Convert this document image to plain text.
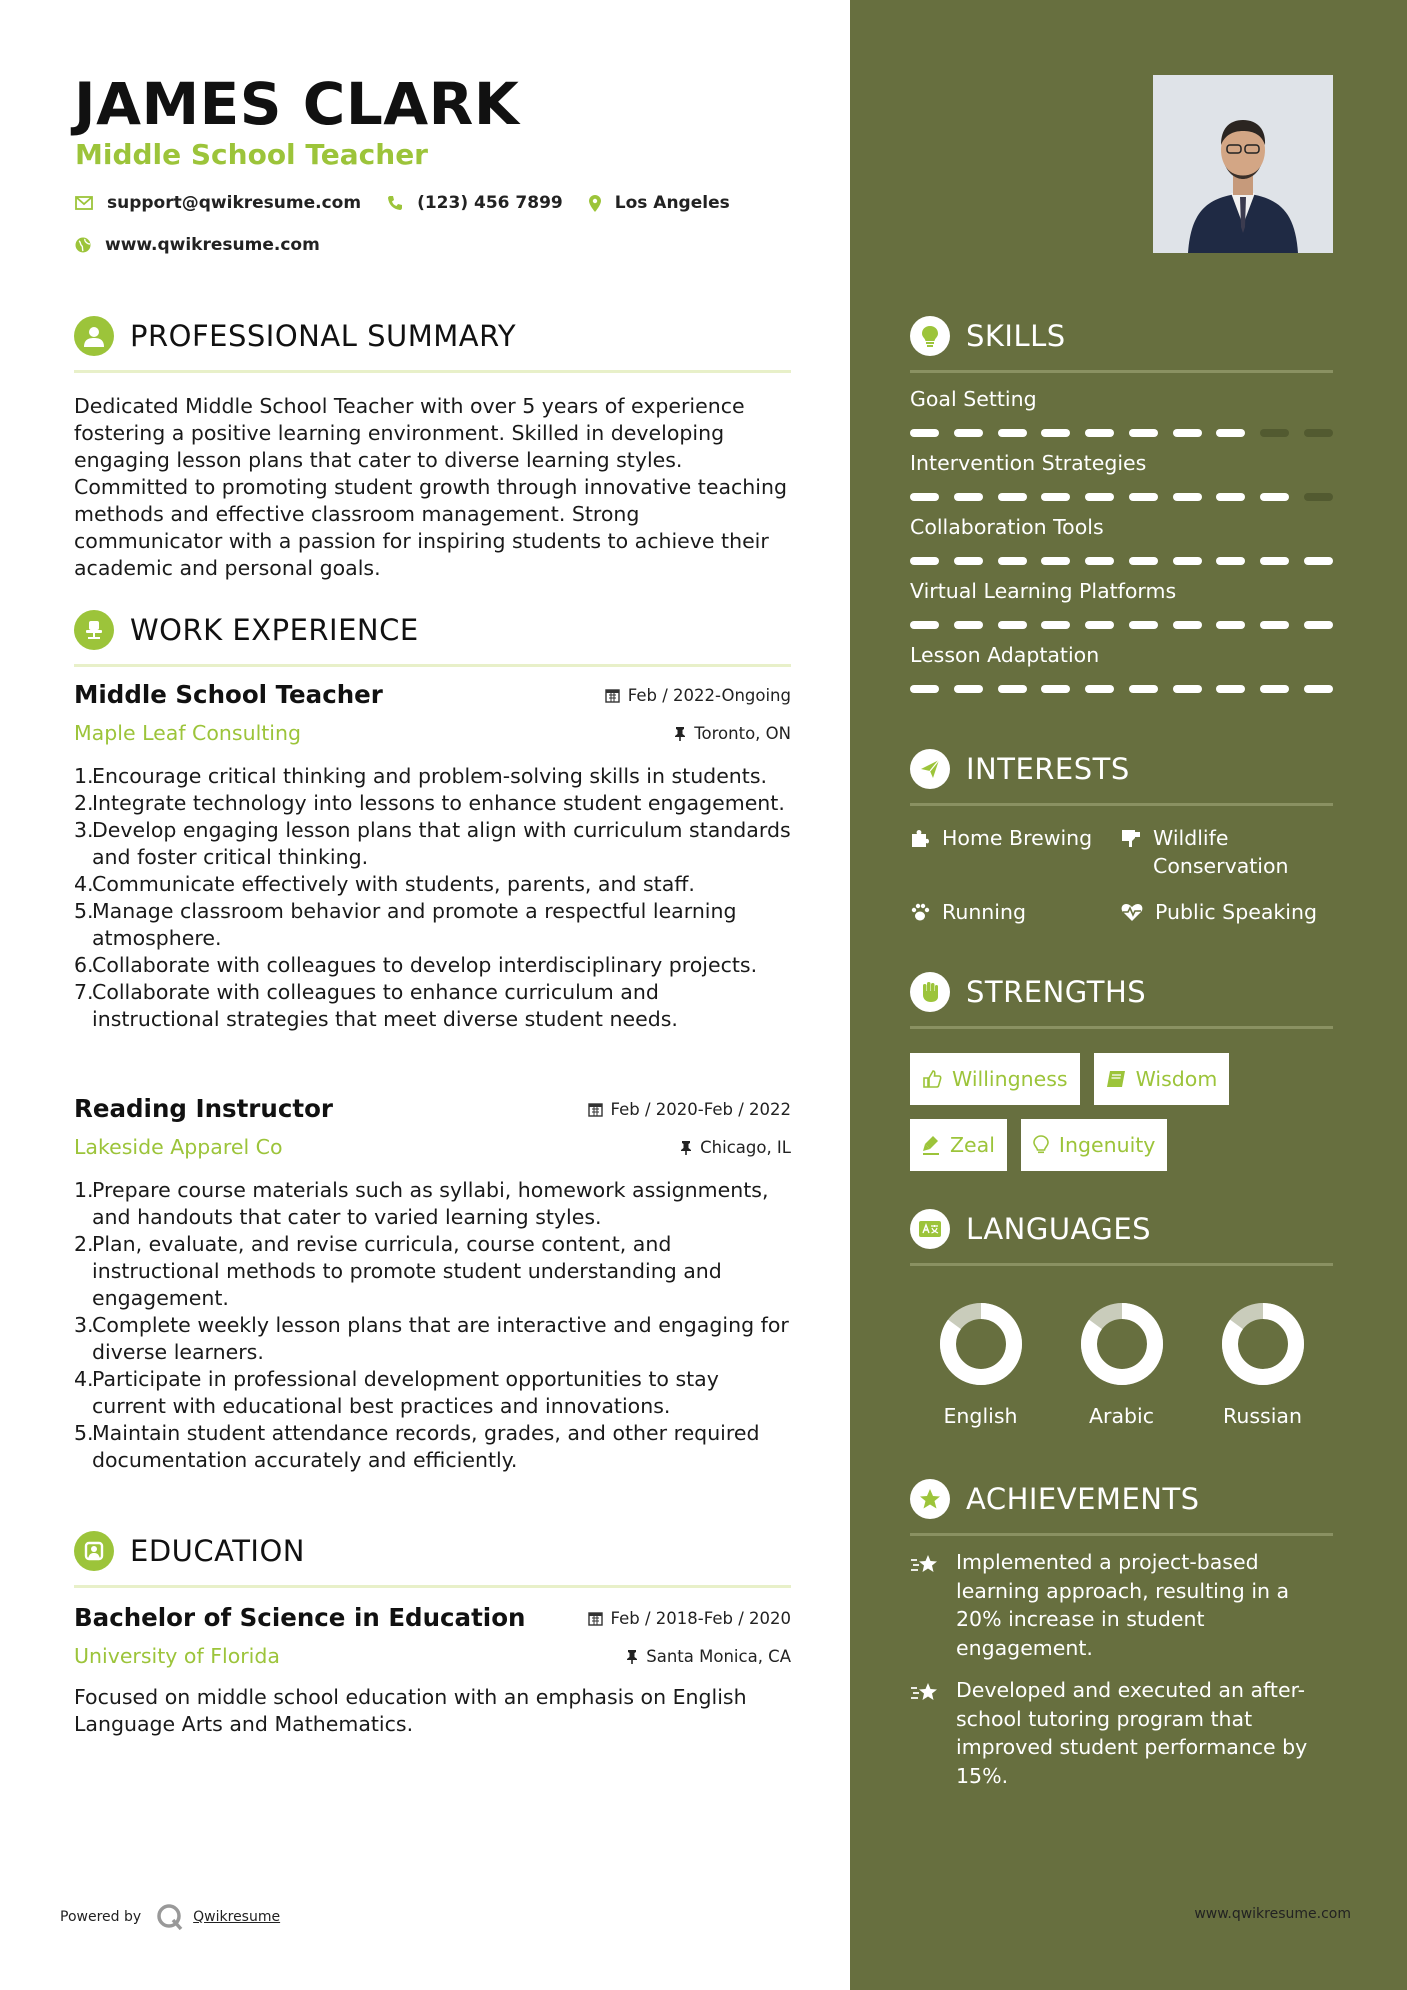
JAMES CLARK
Middle School Teacher
support@qwikresume.com	(123) 456 7899	Los Angeles
www.qwikresume.com
PROFESSIONAL SUMMARY
Dedicated Middle School Teacher with over 5 years of experience fostering a positive learning environment. Skilled in developing engaging lesson plans that cater to diverse learning styles. Committed to promoting student growth through innovative teaching methods and effective classroom management. Strong communicator with a passion for inspiring students to achieve their academic and personal goals.
WORK EXPERIENCE
Middle School Teacher	Feb / 2022-Ongoing
Maple Leaf Consulting	Toronto, ON
1.
Encourage critical thinking and problem-solving skills in students.
2.
Integrate technology into lessons to enhance student engagement.
3.
Develop engaging lesson plans that align with curriculum standards and foster critical thinking.
4.
Communicate effectively with students, parents, and staff.
5.
Manage classroom behavior and promote a respectful learning atmosphere.
6.
Collaborate with colleagues to develop interdisciplinary projects.
7.
Collaborate with colleagues to enhance curriculum and instructional strategies that meet diverse student needs.
Reading Instructor	Feb / 2020-Feb / 2022
Lakeside Apparel Co	Chicago, IL
1.
Prepare course materials such as syllabi, homework assignments, and handouts that cater to varied learning styles.
2.
Plan, evaluate, and revise curricula, course content, and instructional methods to promote student understanding and engagement.
3.
Complete weekly lesson plans that are interactive and engaging for diverse learners.
4.
Participate in professional development opportunities to stay current with educational best practices and innovations.
5.
Maintain student attendance records, grades, and other required documentation accurately and efficiently.
EDUCATION
Bachelor of Science in Education	Feb / 2018-Feb / 2020
University of Florida	Santa Monica, CA
Focused on middle school education with an emphasis on English Language Arts and Mathematics.
Powered by	Qwikresume	www.qwikresume.com
SKILLS
Goal Setting
Intervention Strategies
Collaboration Tools
Virtual Learning Platforms
Lesson Adaptation
INTERESTS
Home Brewing	Wildlife Conservation
Running	Public Speaking
STRENGTHS
Willingness	Wisdom
Zeal	Ingenuity
LANGUAGES
English	Arabic	Russian
ACHIEVEMENTS
Implemented a project-based learning approach, resulting in a 20% increase in student engagement.
Developed and executed an after-school tutoring program that improved student performance by 15%.
